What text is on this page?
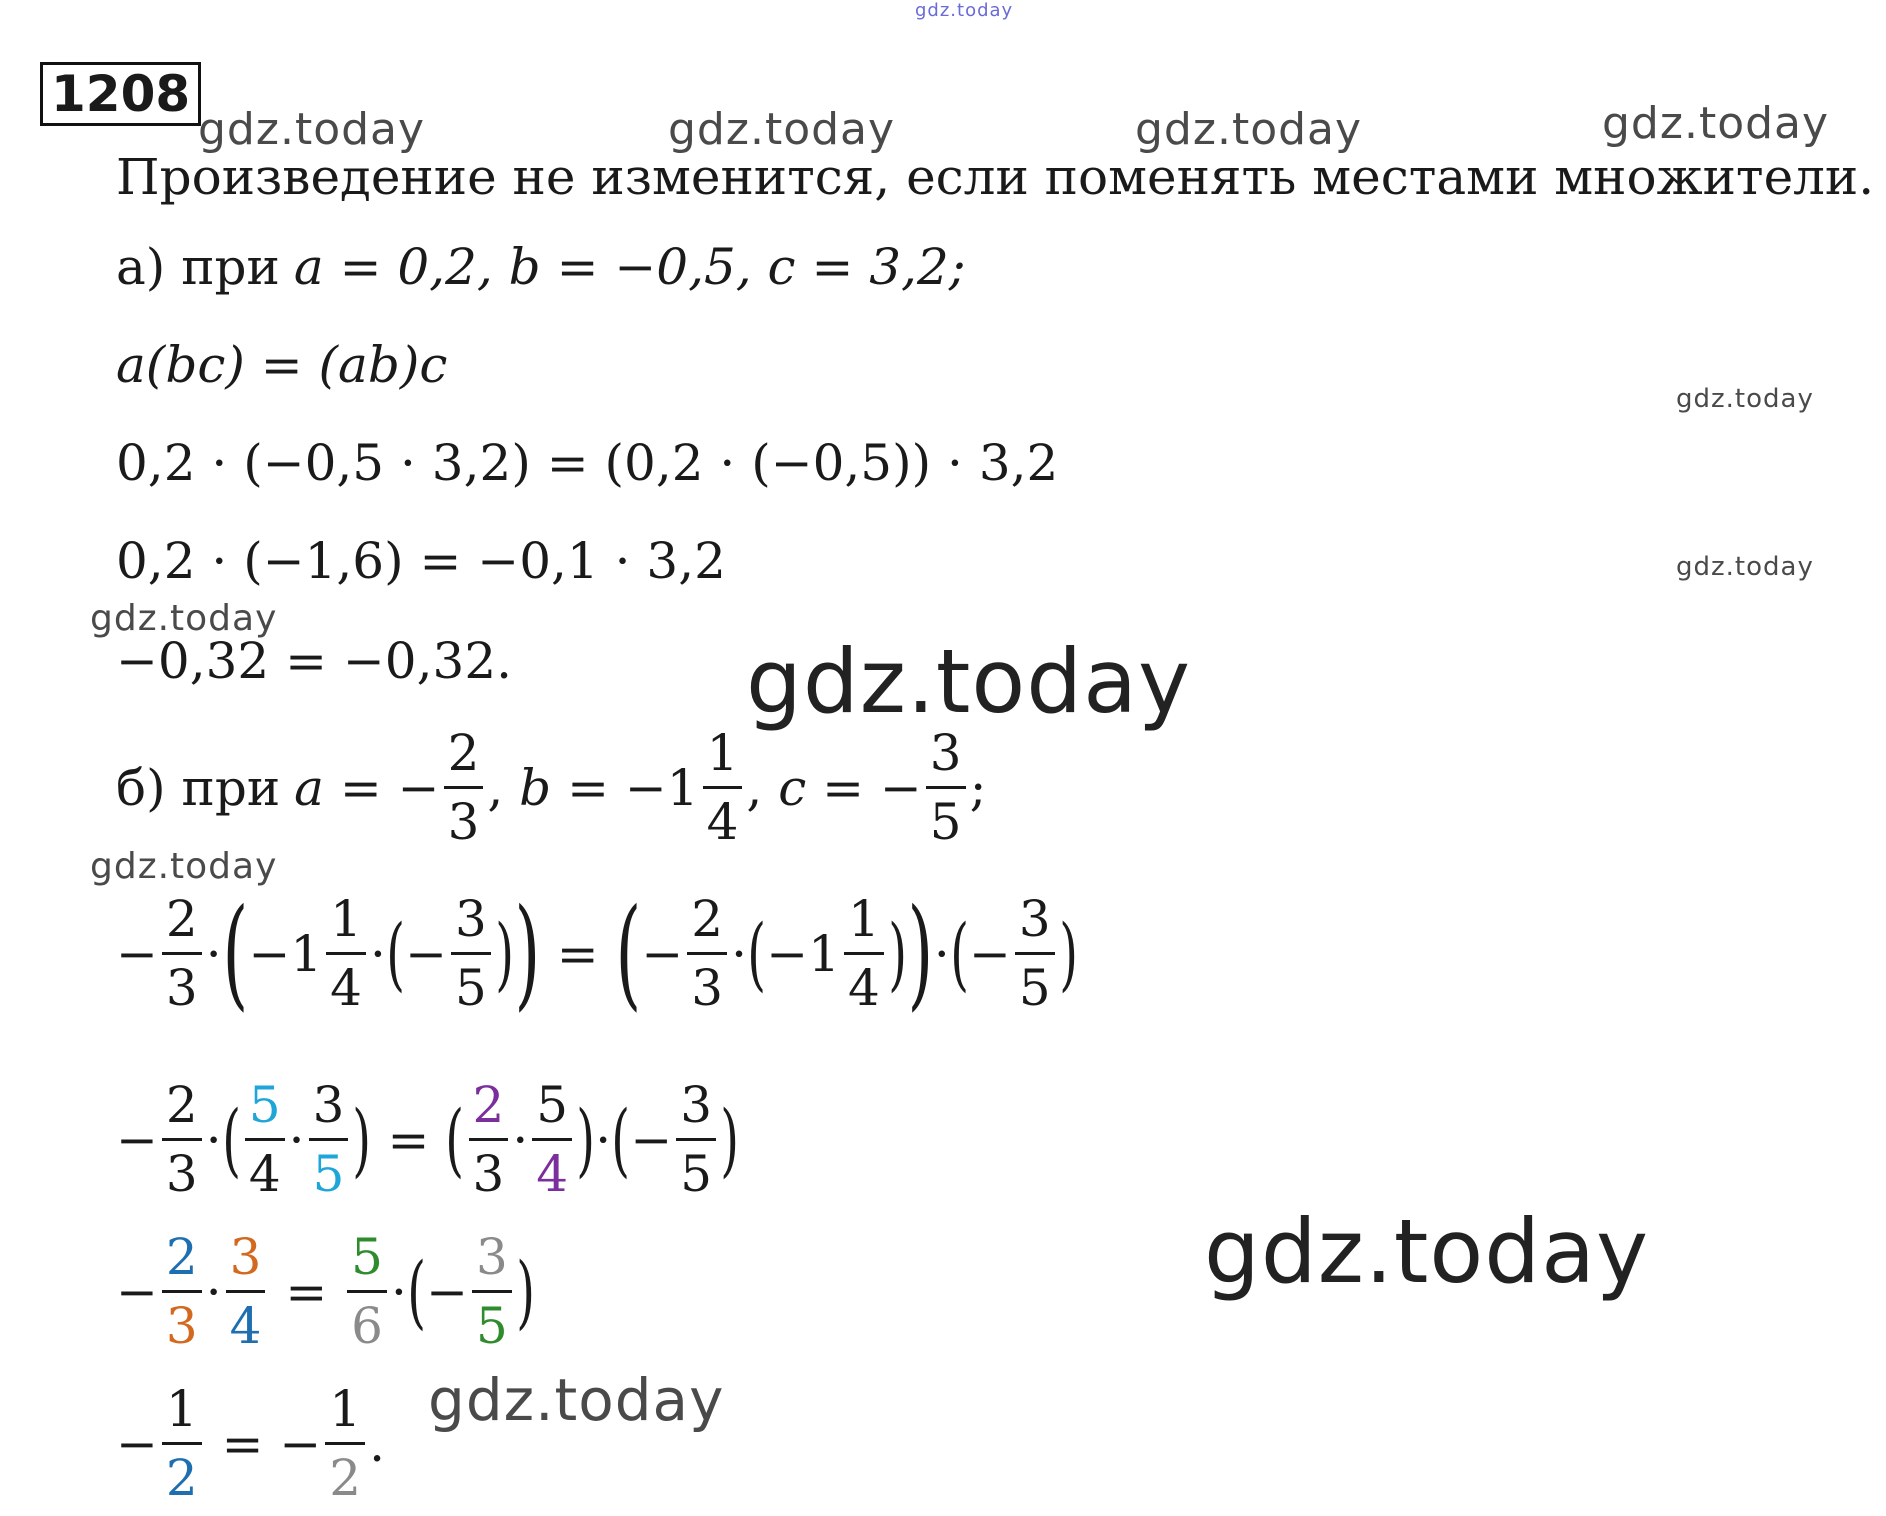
gdz.today
gdz.today	gdz.today	gdz.today	gdz.today
gdz.today
gdz.today
gdz.today
gdz.today
gdz.today
gdz.today
gdz.today
1208
Произведение не изменится, если поменять местами множители.
а) при a = 0,2, b = −0,5, c = 3,2;
a(bc) = (ab)c
0,2 · (−0,5 · 3,2) = (0,2 · (−0,5)) · 3,2
0,2 · (−1,6) = −0,1 · 3,2
−0,32 = −0,32.
б) при a = − $\frac{2}{3}$ , b = − $1 \frac{1}{4}$ , c = − $\frac{3}{5}$ ;
− $\frac{2}{3}$ · ( − $1 \frac{1}{4}$ · ( − $\frac{3}{5}$ ) ) = ( − $\frac{2}{3}$ · ( − $1 \frac{1}{4}$ ) ) · ( − $\frac{3}{5}$ )
− $\frac{2}{3}$ · ( $\frac{5}{4} \cdot \frac{3}{5}$ ) = ( $\frac{2}{3} \cdot \frac{5}{4}$ ) · ( − $\frac{3}{5}$ )
− $\frac{2}{3} \cdot \frac{3}{4} = \frac{5}{6}$ · ( − $\frac{3}{5}$ )
− $\frac{1}{2}$ = − $\frac{1}{2}$ .
